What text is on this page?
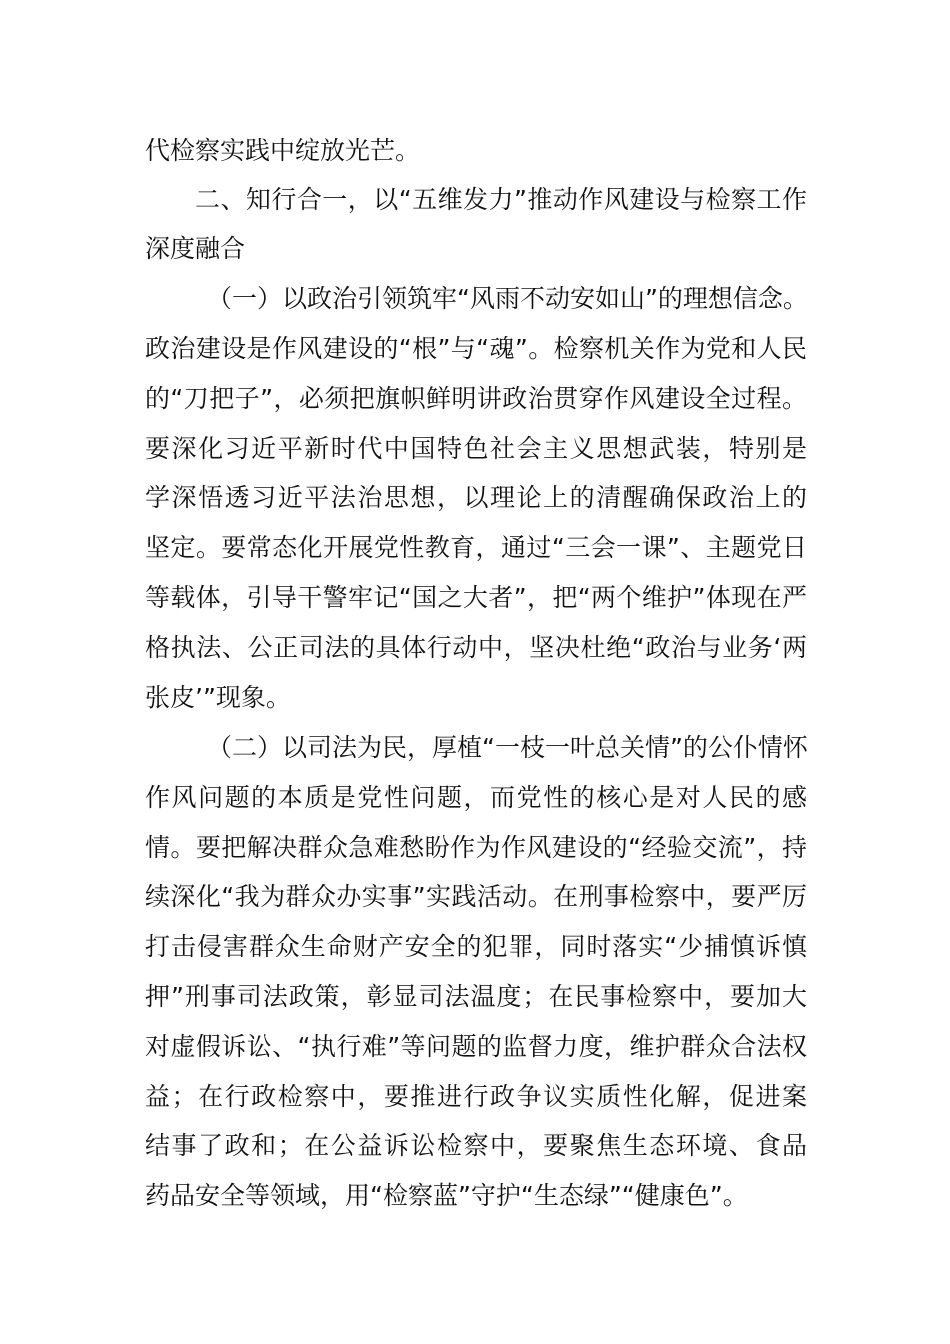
代检察实践中绽放光芒。
二、知行合一，以“五维发力”推动作风建设与检察工作
深度融合
（一）以政治引领筑牢“风雨不动安如山”的理想信念。
政治建设是作风建设的“根”与“魂”。检察机关作为党和人民
的“刀把子”，必须把旗帜鲜明讲政治贯穿作风建设全过程。
要深化习近平新时代中国特色社会主义思想武装，特别是
学深悟透习近平法治思想，以理论上的清醒确保政治上的
坚定。要常态化开展党性教育，通过“三会一课”、主题党日
等载体，引导干警牢记“国之大者”，把“两个维护”体现在严
格执法、公正司法的具体行动中，坚决杜绝“政治与业务‘两
张皮’”现象。
（二）以司法为民，厚植“一枝一叶总关情”的公仆情怀
作风问题的本质是党性问题，而党性的核心是对人民的感
情。要把解决群众急难愁盼作为作风建设的“经验交流”，持
续深化“我为群众办实事”实践活动。在刑事检察中，要严厉
打击侵害群众生命财产安全的犯罪，同时落实“少捕慎诉慎
押”刑事司法政策，彰显司法温度；在民事检察中，要加大
对虚假诉讼、“执行难”等问题的监督力度，维护群众合法权
益；在行政检察中，要推进行政争议实质性化解，促进案
结事了政和；在公益诉讼检察中，要聚焦生态环境、食品
药品安全等领域，用“检察蓝”守护“生态绿”“健康色”。
